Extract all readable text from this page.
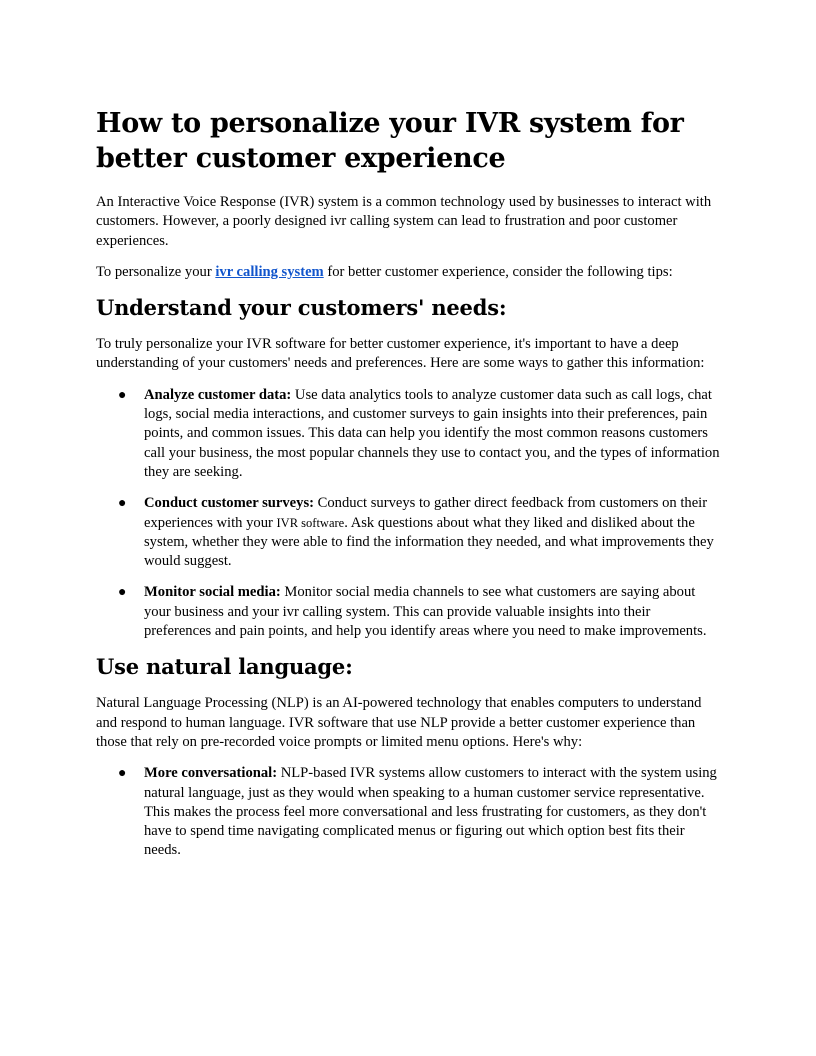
How to personalize your IVR system for better customer experience

An Interactive Voice Response (IVR) system is a common technology used by businesses to interact with customers. However, a poorly designed ivr calling system can lead to frustration and poor customer experiences.

To personalize your ivr calling system for better customer experience, consider the following tips:

Understand your customers' needs:

To truly personalize your IVR software for better customer experience, it's important to have a deep understanding of your customers' needs and preferences. Here are some ways to gather this information:

● Analyze customer data: Use data analytics tools to analyze customer data such as call logs, chat logs, social media interactions, and customer surveys to gain insights into their preferences, pain points, and common issues. This data can help you identify the most common reasons customers call your business, the most popular channels they use to contact you, and the types of information they are seeking.
● Conduct customer surveys: Conduct surveys to gather direct feedback from customers on their experiences with your IVR software. Ask questions about what they liked and disliked about the system, whether they were able to find the information they needed, and what improvements they would suggest.
● Monitor social media: Monitor social media channels to see what customers are saying about your business and your ivr calling system. This can provide valuable insights into their preferences and pain points, and help you identify areas where you need to make improvements.
Use natural language:

Natural Language Processing (NLP) is an AI-powered technology that enables computers to understand and respond to human language. IVR software that use NLP provide a better customer experience than those that rely on pre-recorded voice prompts or limited menu options. Here's why:

● More conversational: NLP-based IVR systems allow customers to interact with the system using natural language, just as they would when speaking to a human customer service representative. This makes the process feel more conversational and less frustrating for customers, as they don't have to spend time navigating complicated menus or figuring out which option best fits their needs.
